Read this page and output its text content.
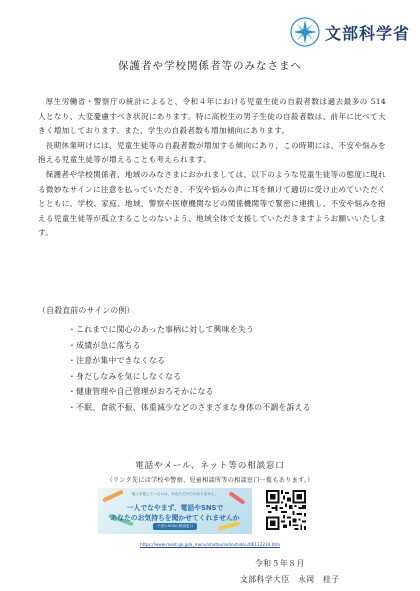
文部科学省
保護者や学校関係者等のみなさまへ

厚生労働省・警察庁の統計によると、令和４年における児童生徒の自殺者数は過去最多の 514 人となり、大変憂慮すべき状況にあります。特に高校生の男子生徒の自殺者数は、前年に比べて大きく増加しております。また、学生の自殺者数も増加傾向にあります。

長期休業明けには、児童生徒等の自殺者数が増加する傾向にあり、この時期には、不安や悩みを抱える児童生徒等が増えることも考えられます。

保護者や学校関係者、地域のみなさまにおかれましては、以下のような児童生徒等の態度に現れる微妙なサインに注意を払っていただき、不安や悩みの声に耳を傾けて適切に受け止めていただくとともに、学校、家庭、地域、警察や医療機関などの関係機関等で緊密に連携し、不安や悩みを抱える児童生徒等が孤立することのないよう、地域全体で支援していただきますようお願いいたします。

（自殺直前のサインの例）
・これまでに関心のあった事柄に対して興味を失う
・成績が急に落ちる
・注意が集中できなくなる
・身だしなみを気にしなくなる
・健康管理や自己管理がおろそかになる
・不眠、食欲不振、体重減少などのさまざまな身体の不調を訴える
電話やメール、ネット等の相談窓口
（リンク先には学校や警察、児童相談所等の相談窓口一覧もあります。）
悩みを抱えているのは、あなただけではありません。
一人でなやまず、電話やSNSで
あなたのお気持ちを聞かせてくれませんか
子供のSOSの相談窓口
https://www.mext.go.jp/a_menu/shotou/seitoshidou/06112210.htm
令和５年８月
文部科学大臣　永岡　桂子
